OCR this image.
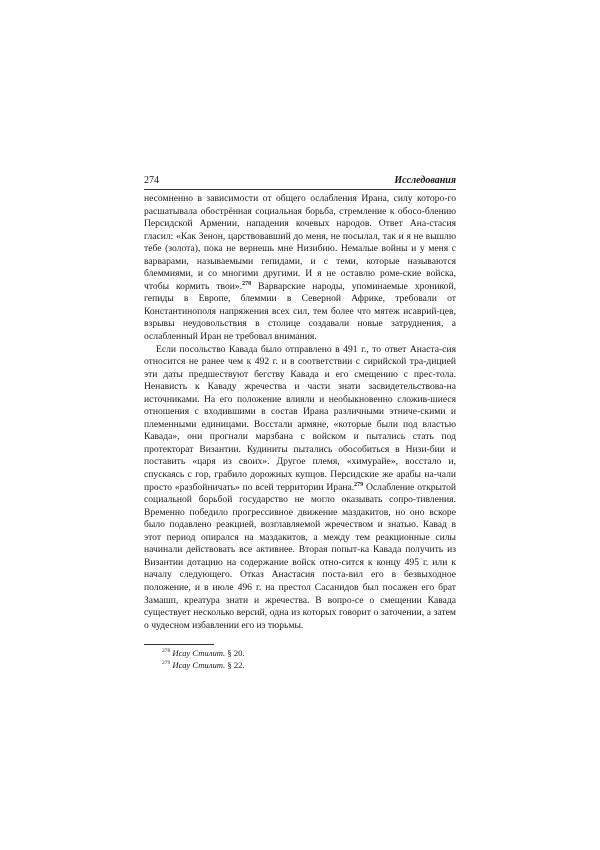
274	Исследования

несомненно в зависимости от общего ослабления Ирана, силу которо-го расшатывала обострённая социальная борьба, стремление к обосо-блению Персидской Армении, нападения кочевых народов. Ответ Ана-стасия гласил: «Как Зенон, царствовавший до меня, не посылал, так и я не вышлю тебе (золота), пока не вернешь мне Низибию. Немалые войны и у меня с варварами, называемыми гепидами, и с теми, которые называются блеммиями, и со многими другими. И я не оставлю роме-ские войска, чтобы кормить твои».$^{278}$ Варварские народы, упоминаемые хроникой, гепиды в Европе, блеммии в Северной Африке, требовали от Константинополя напряжения всех сил, тем более что мятеж исаврий-цев, взрывы неудовольствия в столице создавали новые затруднения, а ослабленный Иран не требовал внимания.

Если посольство Кавада было отправлено в 491 г., то ответ Анаста-сия относится не ранее чем к 492 г. и в соответствии с сирийской тра-дицией эти даты предшествуют бегству Кавада и его смещению с прес-тола. Ненависть к Каваду жречества и части знати засвидетельствова-на источниками. На его положение влияли и необыкновенно сложив-шиеся отношения с входившими в состав Ирана различными этниче-скими и племенными единицами. Восстали армяне, «которые были под властью Кавада», они прогнали марзбана с войском и пытались стать под протекторат Византии. Кудиниты пытались обособиться в Низи-бии и поставить «царя из своих». Другое племя, «химурайе», восстало и, спускаясь с гор, грабило дорожных купцов. Персидские же арабы на-чали просто «разбойничать» по всей территории Ирана.$^{279}$ Ослабление открытой социальной борьбой государство не могло оказывать сопро-тивления. Временно победило прогрессивное движение маздакитов, но оно вскоре было подавлено реакцией, возглавляемой жречеством и знатью. Кавад в этот период опирался на маздакитов, а между тем реакционные силы начинали действовать все активнее. Вторая попыт-ка Кавада получить из Византии дотацию на содержание войск отно-сится к концу 495 г. или к началу следующего. Отказ Анастасия поста-вил его в безвыходное положение, и в июле 496 г. на престол Сасанидов был посажен его брат Замашп, креатура знати и жречества. В вопро-се о смещении Кавада существует несколько версий, одна из которых говорит о заточении, а затем о чудесном избавлении его из тюрьмы.

$^{278}$ Исау Стилит. § 20.
$^{279}$ Исау Стилит. § 22.
